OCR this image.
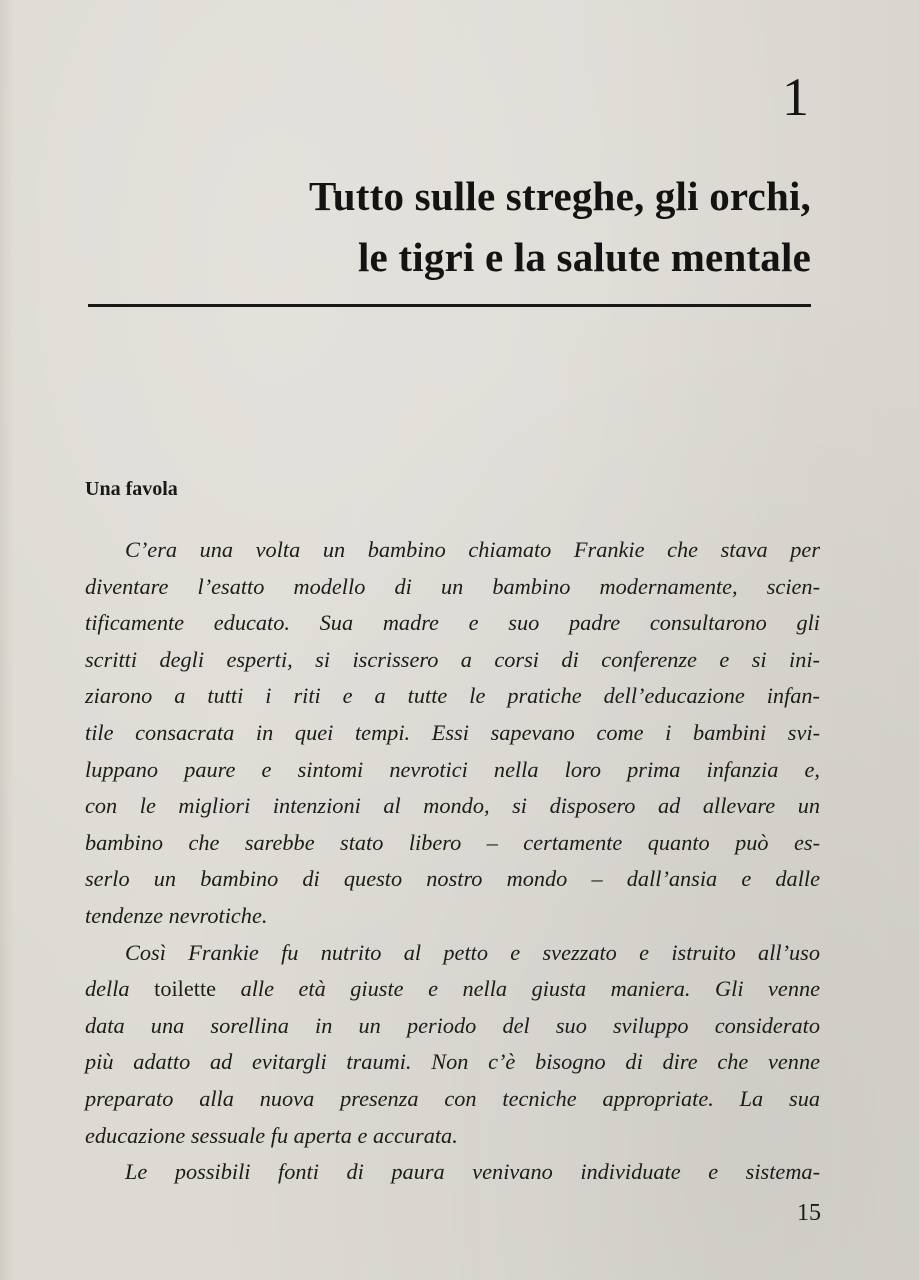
1
Tutto sulle streghe, gli orchi,
le tigri e la salute mentale
Una favola
C’era una volta un bambino chiamato Frankie che stava per
diventare l’esatto modello di un bambino modernamente, scien-
tificamente educato. Sua madre e suo padre consultarono gli
scritti degli esperti, si iscrissero a corsi di conferenze e si ini-
ziarono a tutti i riti e a tutte le pratiche dell’educazione infan-
tile consacrata in quei tempi. Essi sapevano come i bambini svi-
luppano paure e sintomi nevrotici nella loro prima infanzia e,
con le migliori intenzioni al mondo, si disposero ad allevare un
bambino che sarebbe stato libero – certamente quanto può es-
serlo un bambino di questo nostro mondo – dall’ansia e dalle
tendenze nevrotiche.
Così Frankie fu nutrito al petto e svezzato e istruito all’uso
della toilette alle età giuste e nella giusta maniera. Gli venne
data una sorellina in un periodo del suo sviluppo considerato
più adatto ad evitargli traumi. Non c’è bisogno di dire che venne
preparato alla nuova presenza con tecniche appropriate. La sua
educazione sessuale fu aperta e accurata.
Le possibili fonti di paura venivano individuate e sistema-
15
